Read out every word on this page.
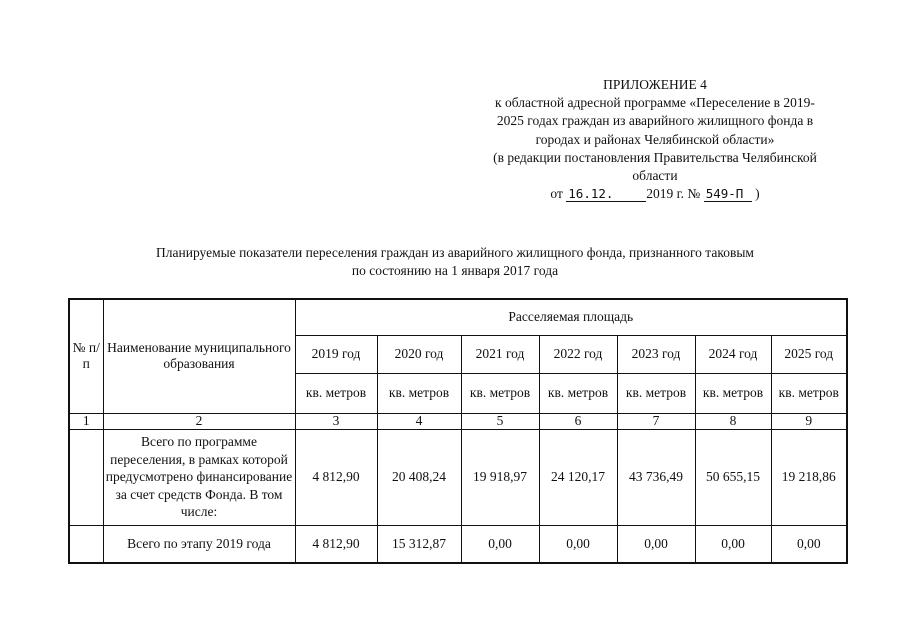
ПРИЛОЖЕНИЕ 4
к областной адресной программе «Переселение в 2019-
2025 годах граждан из аварийного жилищного фонда в
городах и районах Челябинской области»
(в редакции постановления Правительства Челябинской
области
от 16.12. 2019 г. № 549-П )
Планируемые показатели переселения граждан из аварийного жилищного фонда, признанного таковым
по состоянию на 1 января 2017 года
№ п/п	Наименование муниципального образования	Расселяемая площадь						
		2019 год	2020 год	2021 год	2022 год	2023 год	2024 год	2025 год
		кв. метров	кв. метров	кв. метров	кв. метров	кв. метров	кв. метров	кв. метров
1	2	3	4	5	6	7	8	9
	Всего по программе переселения, в рамках которой предусмотрено финансирование за счет средств Фонда. В том числе:	4 812,90	20 408,24	19 918,97	24 120,17	43 736,49	50 655,15	19 218,86
	Всего по этапу 2019 года	4 812,90	15 312,87	0,00	0,00	0,00	0,00	0,00
